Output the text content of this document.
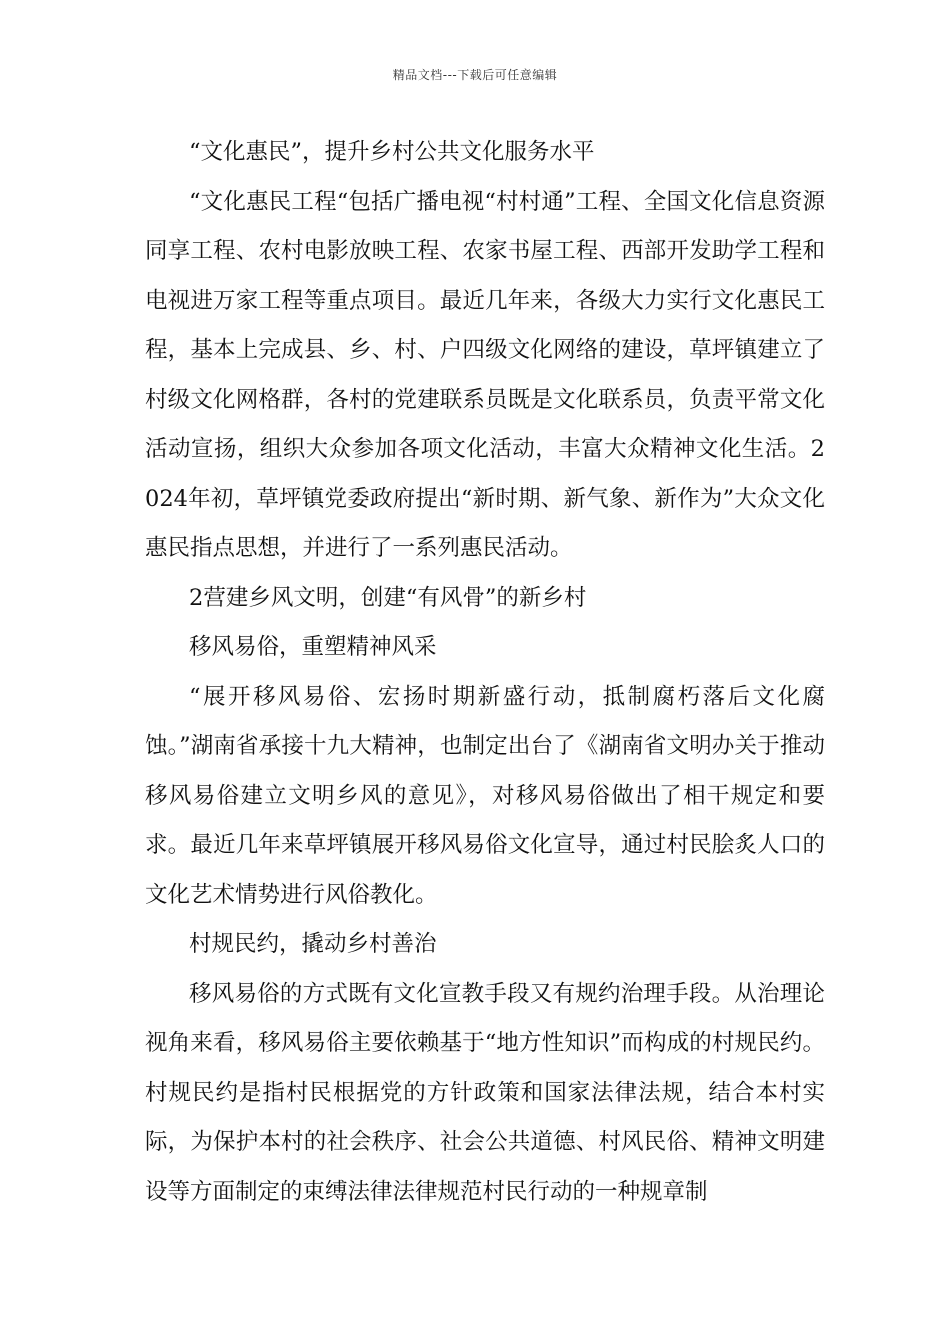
精品文档---下载后可任意编辑

“文化惠民”，提升乡村公共文化服务水平

“文化惠民工程“包括广播电视“村村通”工程、全国文化信息资源同享工程、农村电影放映工程、农家书屋工程、西部开发助学工程和电视进万家工程等重点项目。最近几年来，各级大力实行文化惠民工程，基本上完成县、乡、村、户四级文化网络的建设，草坪镇建立了村级文化网格群，各村的党建联系员既是文化联系员，负责平常文化活动宣扬，组织大众参加各项文化活动，丰富大众精神文化生活。2024年初，草坪镇党委政府提出“新时期、新气象、新作为”大众文化惠民指点思想，并进行了一系列惠民活动。

2营建乡风文明，创建“有风骨”的新乡村

移风易俗，重塑精神风采

“展开移风易俗、宏扬时期新盛行动，抵制腐朽落后文化腐蚀。”湖南省承接十九大精神，也制定出台了《湖南省文明办关于推动移风易俗建立文明乡风的意见》，对移风易俗做出了相干规定和要求。最近几年来草坪镇展开移风易俗文化宣导，通过村民脍炙人口的文化艺术情势进行风俗教化。

村规民约，撬动乡村善治

移风易俗的方式既有文化宣教手段又有规约治理手段。从治理论视角来看，移风易俗主要依赖基于“地方性知识”而构成的村规民约。村规民约是指村民根据党的方针政策和国家法律法规，结合本村实际，为保护本村的社会秩序、社会公共道德、村风民俗、精神文明建设等方面制定的束缚法律法律规范村民行动的一种规章制
